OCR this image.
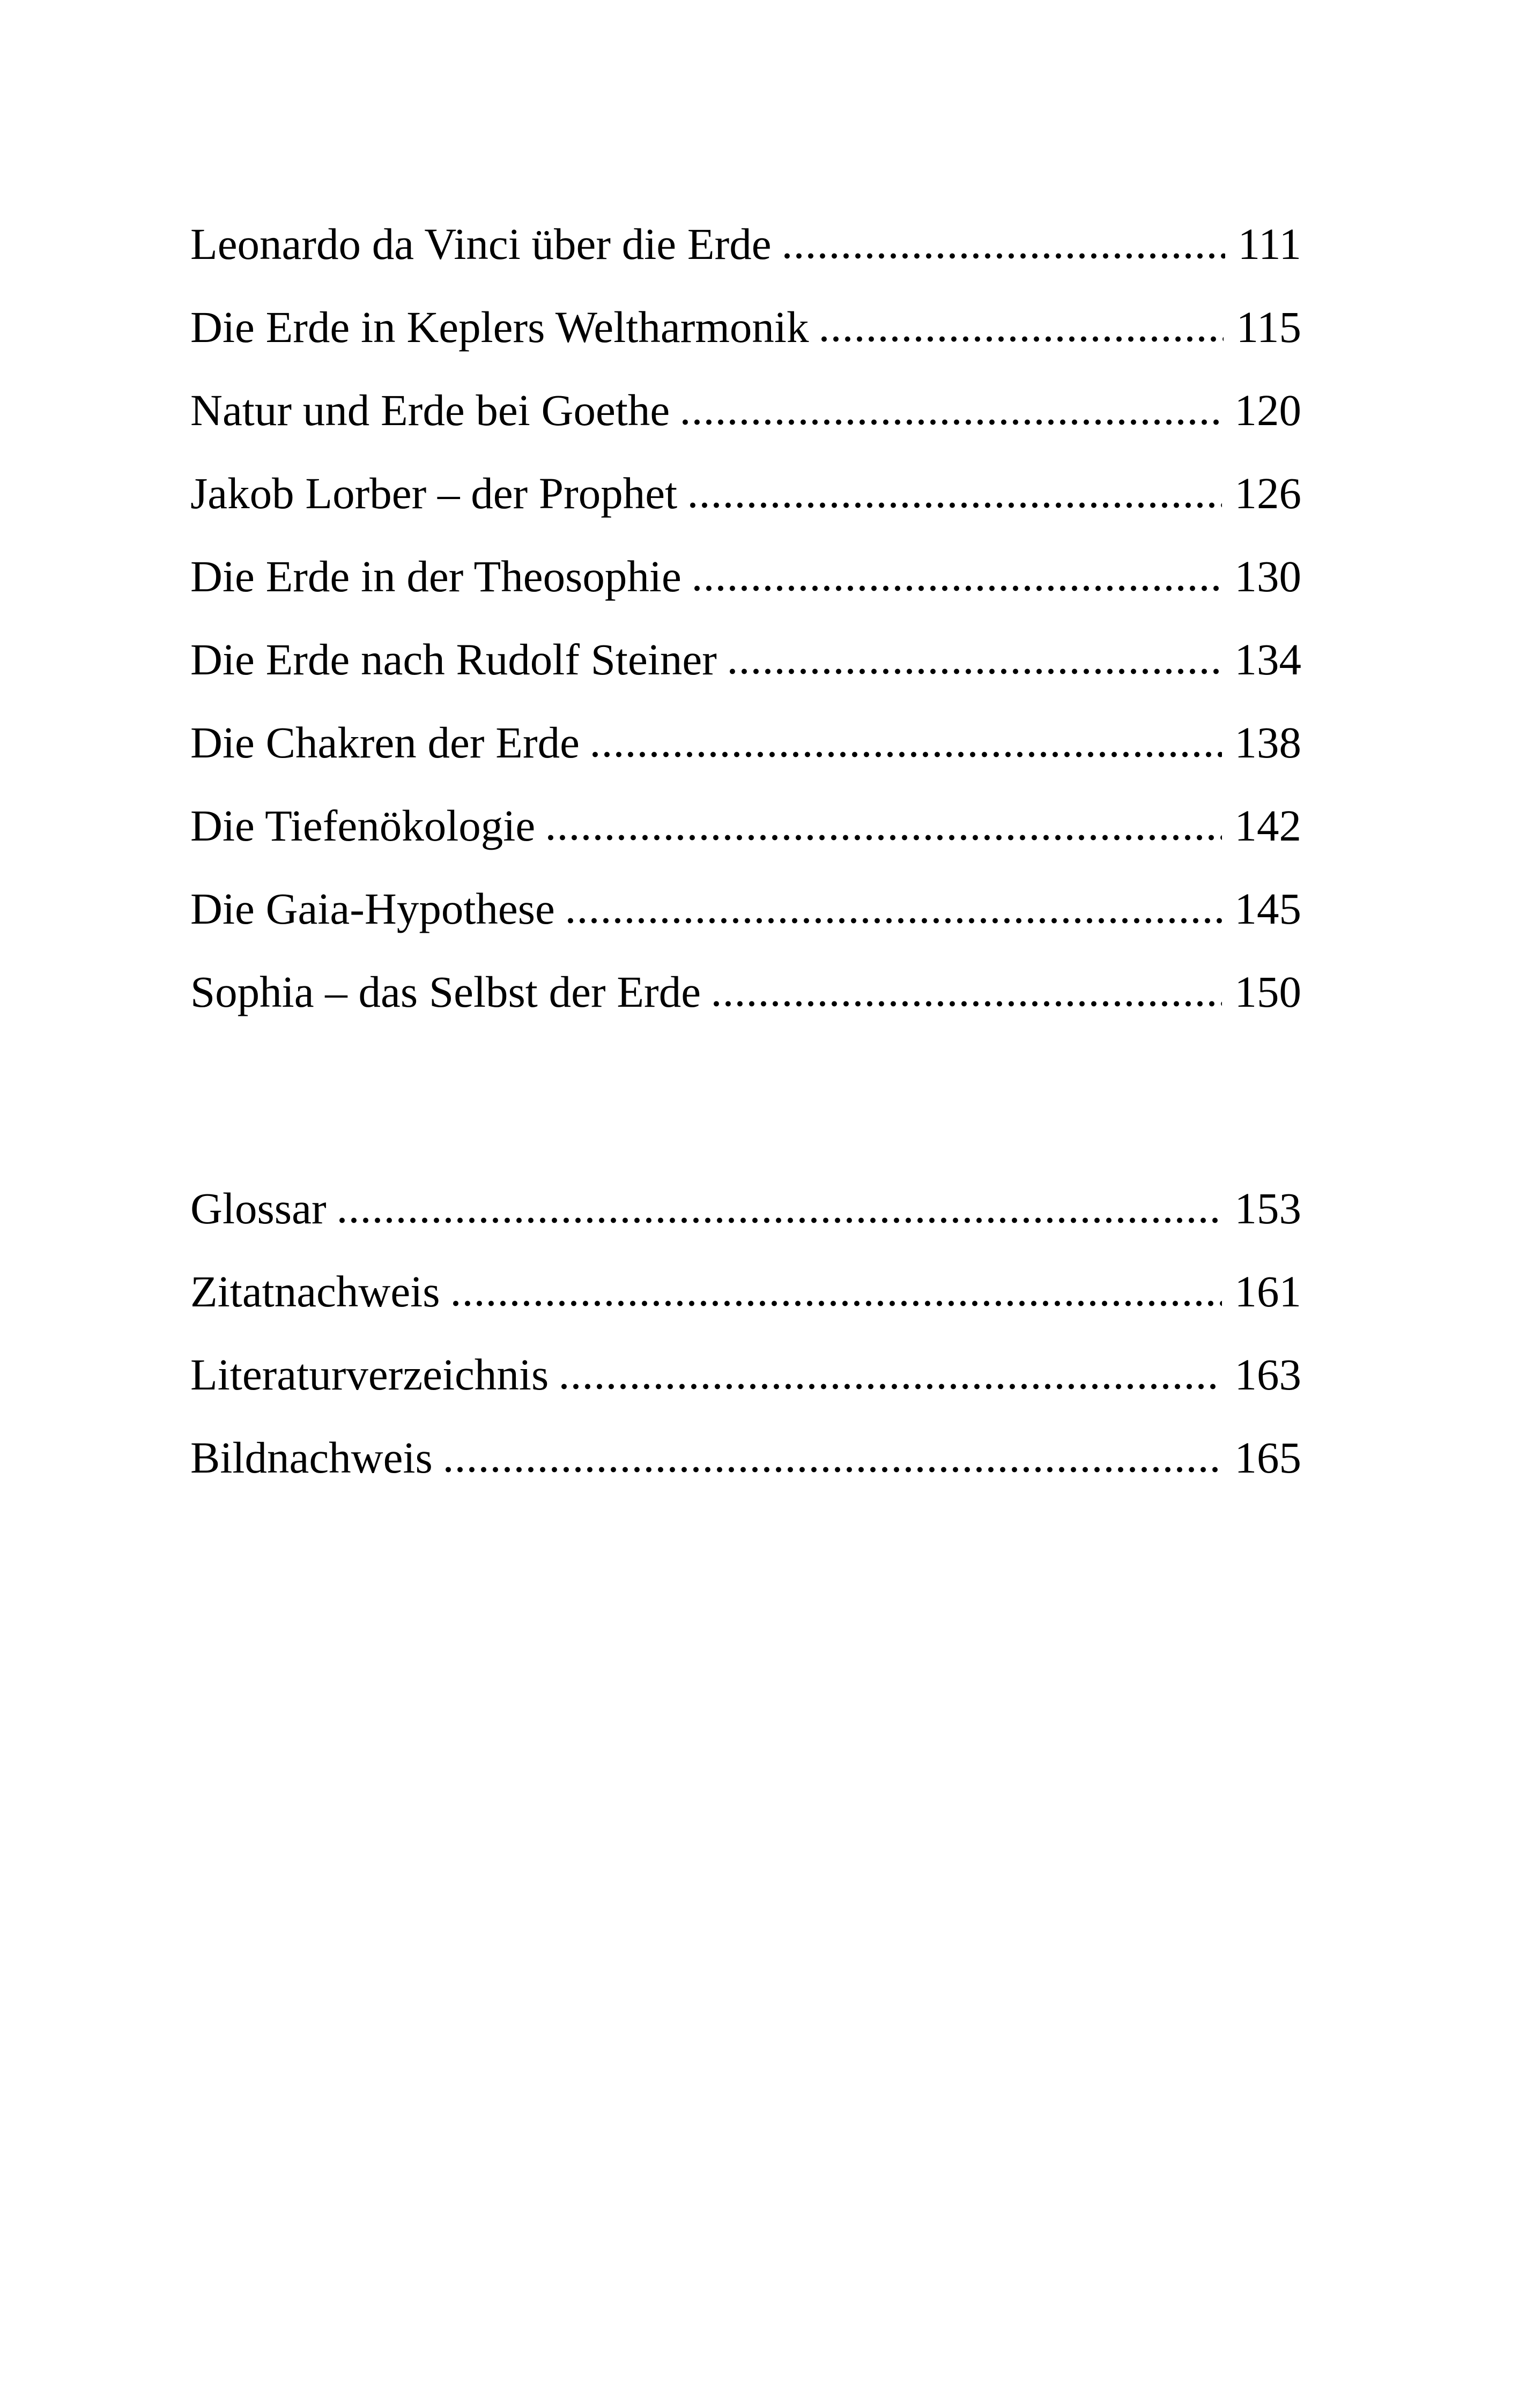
Leonardo da Vinci über die Erde	111
Die Erde in Keplers Weltharmonik	115
Natur und Erde bei Goethe	120
Jakob Lorber – der Prophet	126
Die Erde in der Theosophie	130
Die Erde nach Rudolf Steiner	134
Die Chakren der Erde	138
Die Tiefenökologie	142
Die Gaia-Hypothese	145
Sophia – das Selbst der Erde	150
Glossar	153
Zitatnachweis	161
Literaturverzeichnis	163
Bildnachweis	165
